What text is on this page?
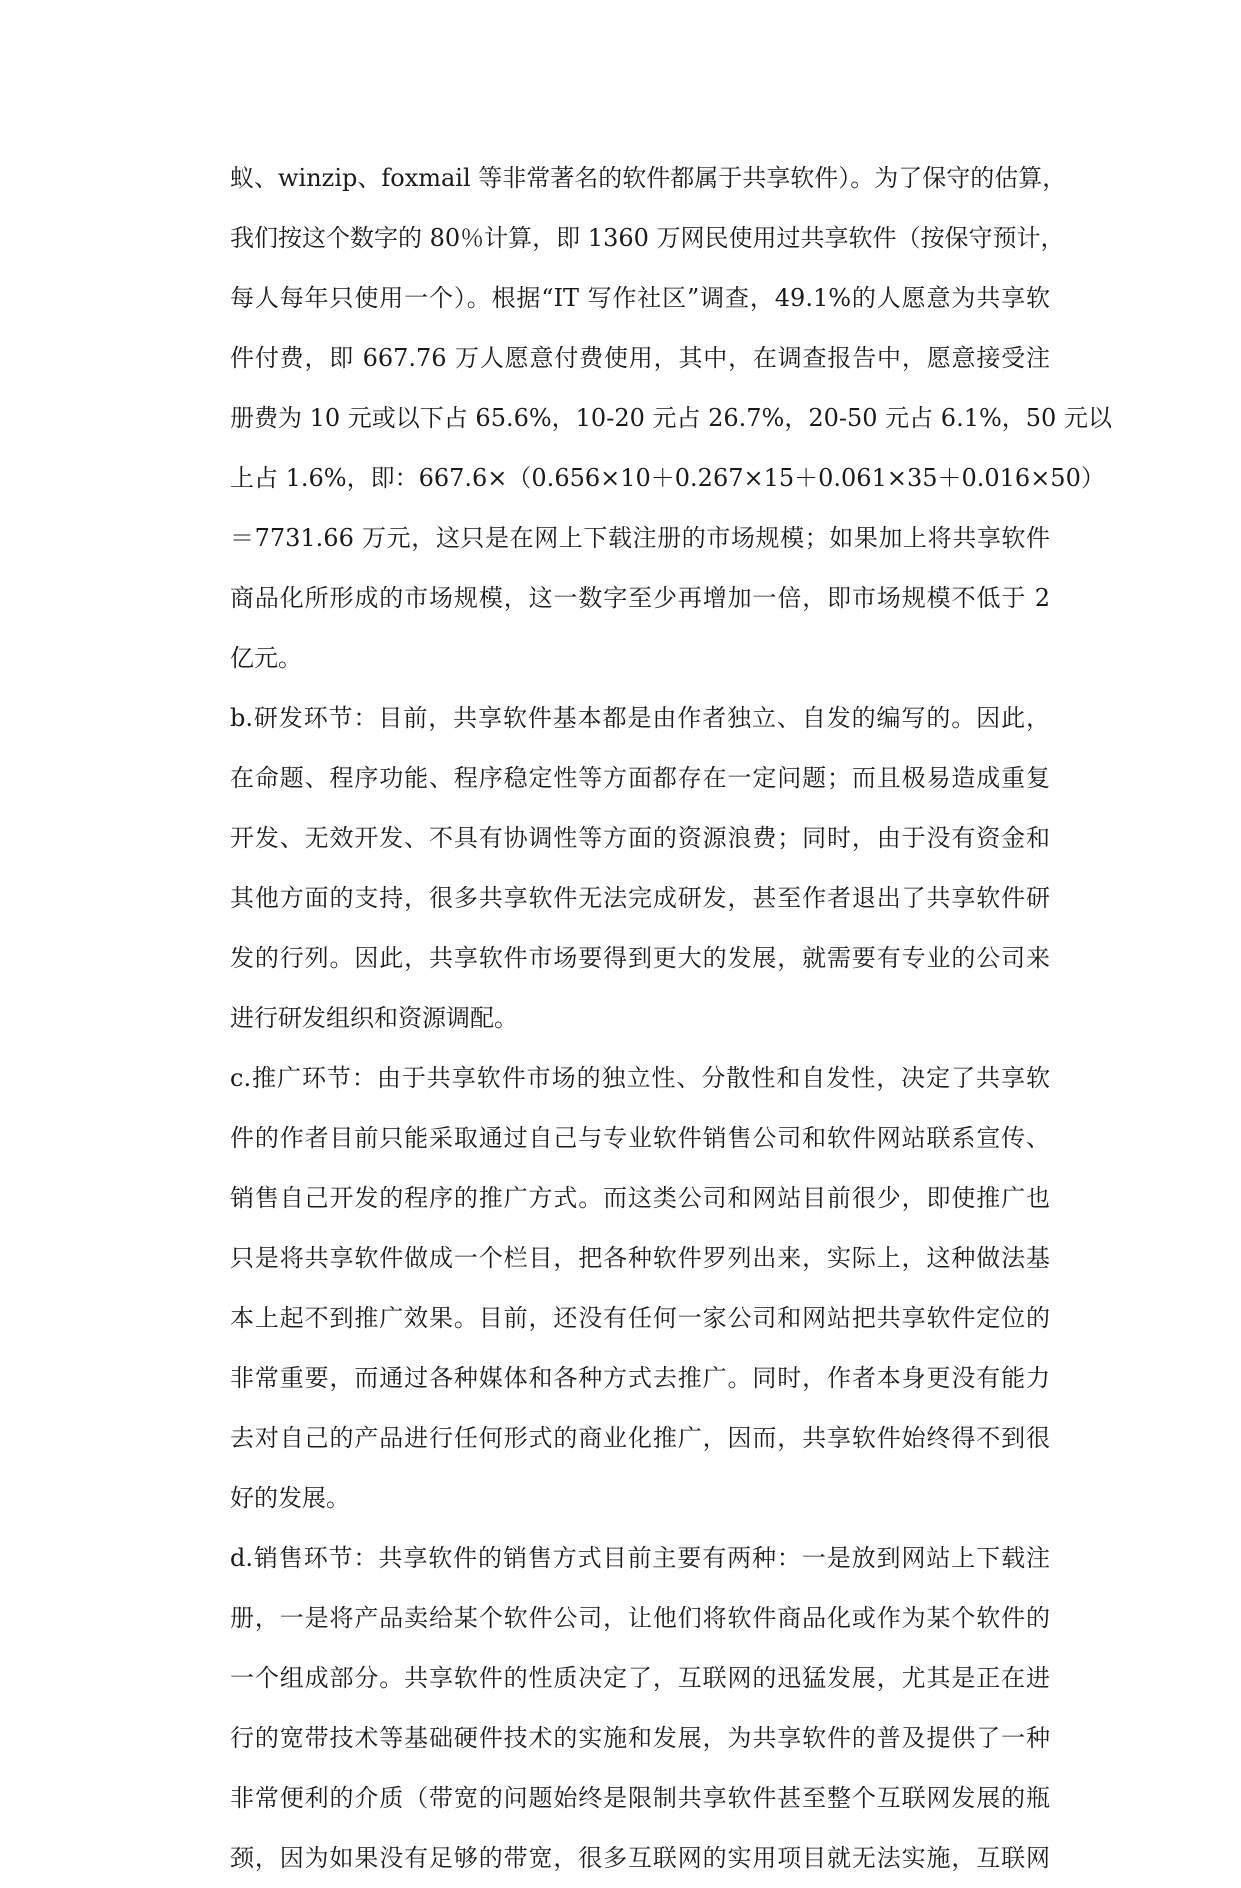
蚁、winzip、foxmail 等非常著名的软件都属于共享软件）。为了保守的估算，
我们按这个数字的 80％计算，即 1360 万网民使用过共享软件（按保守预计，
每人每年只使用一个）。根据“IT 写作社区”调查，49.1%的人愿意为共享软
件付费，即 667.76 万人愿意付费使用，其中，在调查报告中，愿意接受注
册费为 10 元或以下占 65.6%，10-20 元占 26.7%，20-50 元占 6.1%，50 元以
上占 1.6%，即：667.6×（0.656×10＋0.267×15＋0.061×35＋0.016×50）
＝7731.66 万元，这只是在网上下载注册的市场规模；如果加上将共享软件
商品化所形成的市场规模，这一数字至少再增加一倍，即市场规模不低于 2
亿元。
b.研发环节：目前，共享软件基本都是由作者独立、自发的编写的。因此，
在命题、程序功能、程序稳定性等方面都存在一定问题；而且极易造成重复
开发、无效开发、不具有协调性等方面的资源浪费；同时，由于没有资金和
其他方面的支持，很多共享软件无法完成研发，甚至作者退出了共享软件研
发的行列。因此，共享软件市场要得到更大的发展，就需要有专业的公司来
进行研发组织和资源调配。
c.推广环节：由于共享软件市场的独立性、分散性和自发性，决定了共享软
件的作者目前只能采取通过自己与专业软件销售公司和软件网站联系宣传、
销售自己开发的程序的推广方式。而这类公司和网站目前很少，即使推广也
只是将共享软件做成一个栏目，把各种软件罗列出来，实际上，这种做法基
本上起不到推广效果。目前，还没有任何一家公司和网站把共享软件定位的
非常重要，而通过各种媒体和各种方式去推广。同时，作者本身更没有能力
去对自己的产品进行任何形式的商业化推广，因而，共享软件始终得不到很
好的发展。
d.销售环节：共享软件的销售方式目前主要有两种：一是放到网站上下载注
册，一是将产品卖给某个软件公司，让他们将软件商品化或作为某个软件的
一个组成部分。共享软件的性质决定了，互联网的迅猛发展，尤其是正在进
行的宽带技术等基础硬件技术的实施和发展，为共享软件的普及提供了一种
非常便利的介质（带宽的问题始终是限制共享软件甚至整个互联网发展的瓶
颈，因为如果没有足够的带宽，很多互联网的实用项目就无法实施，互联网
